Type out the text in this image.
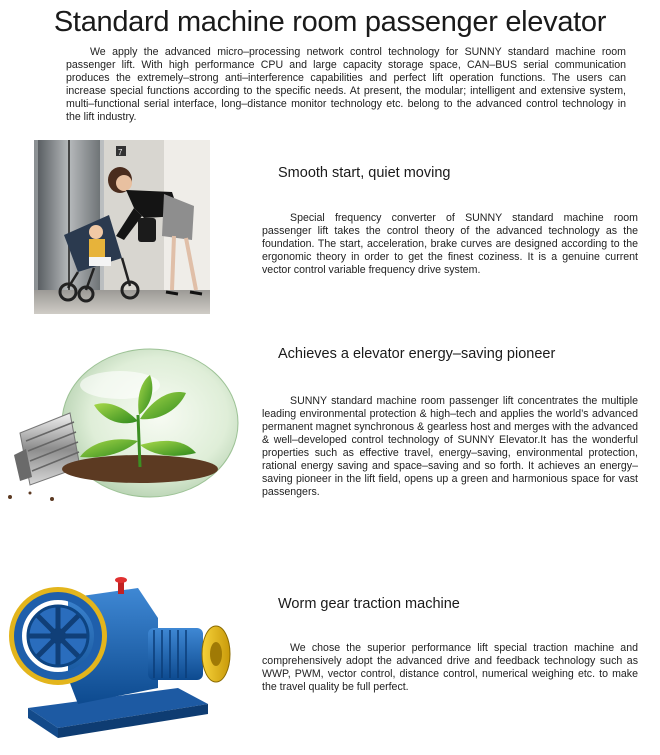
Standard machine room passenger elevator

We apply the advanced micro–processing network control technology for SUNNY standard machine room passenger lift. With high performance CPU and large capacity storage space, CAN–BUS serial communication produces the extremely–strong anti–interference capabilities and perfect lift operation functions. The users can increase special functions according to the specific needs. At present, the modular; intelligent and extensive system, multi–functional serial interface, long–distance monitor technology etc. belong to the advanced control technology in the lift industry.

7
Smooth start, quiet moving

Special frequency converter of SUNNY standard machine room passenger lift takes the control theory of the advanced technology as the foundation. The start, acceleration, brake curves are designed according to the ergonomic theory in order to get the finest coziness. It is a genuine current vector control variable frequency drive system.

Achieves a elevator energy–saving pioneer

SUNNY standard machine room passenger lift concentrates the multiple leading environmental protection & high–tech and applies the world’s advanced permanent magnet synchronous & gearless host and merges with the advanced & well–developed control technology of SUNNY Elevator.It has the wonderful properties such as effective travel, energy–saving, environmental protection, rational energy saving and space–saving and so forth. It achieves an energy–saving pioneer in the lift field, opens up a green and harmonious space for vast passengers.

Worm gear traction machine

We chose the superior performance lift special traction machine and comprehensively adopt the advanced drive and feedback technology such as WWP, PWM, vector control, distance control, numerical weighing etc. to make the travel quality be full perfect.
